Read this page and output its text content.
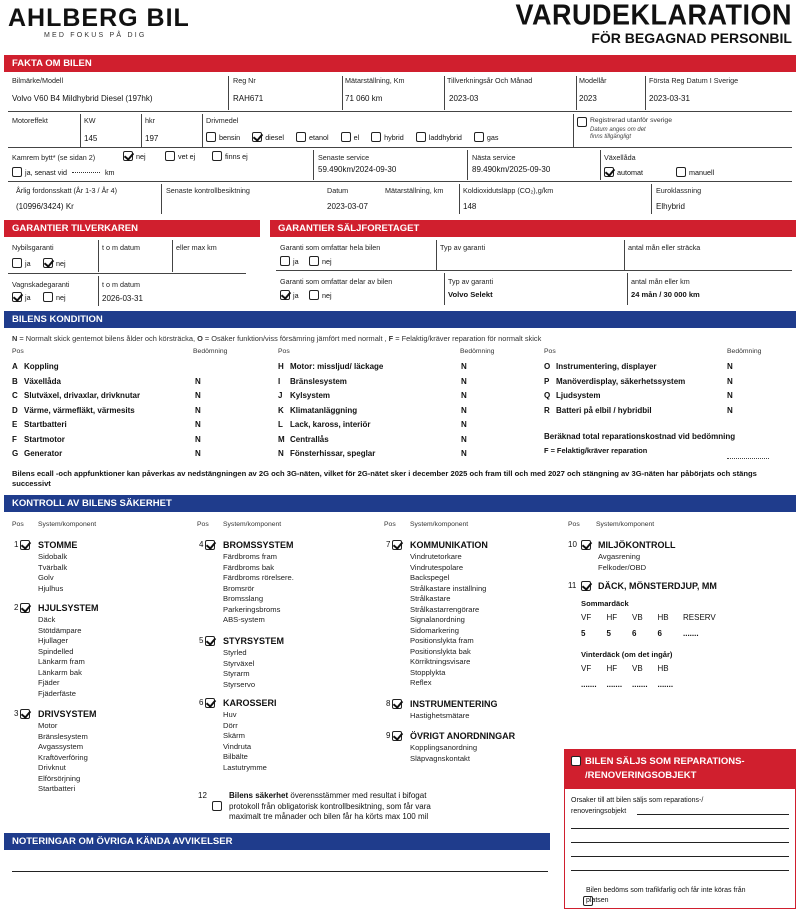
AHLBERG BIL
MED FOKUS PÅ DIG
VARUDEKLARATION
FÖR BEGAGNAD PERSONBIL
FAKTA OM BILEN
Bilmärke/Modell
Volvo V60 B4 Mildhybrid Diesel (197hk)
Reg Nr
RAH671
Mätarställning, Km
71 060 km
Tillverkningsår Och Månad
2023-03
Modellår
2023
Första Reg Datum I Sverige
2023-03-31
Motoreffekt	KW
145
hkr
197
Drivmedel
bensin	diesel	etanol	el	hybrid	laddhybrid	gas
Registrerad utanför sverige
Datum anges om det
finns tillgängligt
Kamrem bytt* (se sidan 2)	nej	vet ej	finns ej
ja, senast vid	km
Senaste service
59.490km/2024-09-30
Nästa service
89.490km/2025-09-30
Växellåda
automat	manuell
Årlig fordonsskatt (År 1-3 / År 4)
(10996/3424) Kr
Senaste kontrollbesiktning	Datum
2023-03-07
Mätarställning, km	Koldioxidutsläpp (CO₂),g/km
148
Euroklassning
Elhybrid
GARANTIER TILVERKAREN	GARANTIER SÄLJFORETAGET
Nybilsgaranti	t o m datum	eller max km
ja	nej
Vagnskadegaranti	t o m datum
ja	nej	2026-03-31
Garanti som omfattar hela bilen	Typ av garanti	antal mån eller sträcka
ja	nej
Garanti som omfattar delar av bilen	Typ av garanti
Volvo Selekt
antal mån eller km
24 mån / 30 000 km
ja	nej
BILENS KONDITION
N = Normalt skick gentemot bilens ålder och körsträcka, O = Osäker funktion/viss försämring jämfört med normalt , F = Felaktig/kräver reparation för normalt skick
Pos	Bedömning	Pos	Bedömning	Pos	Bedömning
A Koppling
B Växellåda	N
C Slutväxel, drivaxlar, drivknutar	N
D Värme, värmefläkt, värmesits	N
E Startbatteri	N
F Startmotor	N
G Generator	N
H Motor: missljud/ läckage	N
I Bränslesystem	N
J Kylsystem	N
K Klimatanläggning	N
L Lack, kaross, interiör	N
M Centrallås	N
N Fönsterhissar, speglar	N
O Instrumentering, displayer	N
P Manöverdisplay, säkerhetssystem	N
Q Ljudsystem	N
R Batteri på elbil / hybridbil	N
Beräknad total reparationskostnad vid bedömning
F = Felaktig/kräver reparation
Bilens ecall -och appfunktioner kan påverkas av nedstängningen av 2G och 3G-näten, vilket för 2G-nätet sker i december 2025 och fram till och med 2027 och stängning av 3G-näten har påbörjats och stängs successivt
KONTROLL AV BILENS SÄKERHET
Pos System/komponent	Pos System/komponent	Pos System/komponent	Pos System/komponent
1 STOMME
Sidobalk
Tvärbalk
Golv
Hjulhus
2 HJULSYSTEM
Däck
Stötdämpare
Hjullager
Spindelled
Länkarm fram
Länkarm bak
Fjäder
Fjäderfäste
3 DRIVSYSTEM
Motor
Bränslesystem
Avgassystem
Kraftöverföring
Drivknut
Elförsörjning
Startbatteri
4 BROMSSYSTEM
Färdbroms fram
Färdbroms bak
Färdbroms rörelsere.
Bromsrör
Bromsslang
Parkeringsbroms
ABS-system
5 STYRSYSTEM
Styrled
Styrväxel
Styrarm
Styrservo
6 KAROSSERI
Huv
Dörr
Skärm
Vindruta
Bilbälte
Lastutrymme
7 KOMMUNIKATION
Vindrutetorkare
Vindrutespolare
Backspegel
Strålkastare inställning
Strålkastare
Strålkastarrengörare
Signalanordning
Sidomarkering
Positionslykta fram
Positionslykta bak
Körriktningsvisare
Stopplykta
Reflex
8 INSTRUMENTERING
Hastighetsmätare
9 ÖVRIGT ANORDNINGAR
Kopplingsanordning
Släpvagnskontakt
10 MILJÖKONTROLL
Avgasrening
Felkoder/OBD
11 DÄCK, MÖNSTERDJUP, MM
Sommardäck
VF HF VB HB RESERV
5	5	6	6	.......
Vinterdäck (om det ingår)
VF HF VB HB
....... ....... ....... .......
12
	Bilens säkerhet överensstämmer med resultat i bifogat
protokoll från obligatorisk kontrollbesiktning, som får vara
maximalt tre månader och bilen får ha körts max 100 mil
NOTERINGAR OM ÖVRIGA KÄNDA AVVIKELSER
BILEN SÄLJS SOM REPARATIONS-
/RENOVERINGSOBJEKT
Orsaker till att bilen säljs som reparations-/
renoveringsobjekt
Bilen bedöms som trafikfarlig och får inte köras från
platsen
